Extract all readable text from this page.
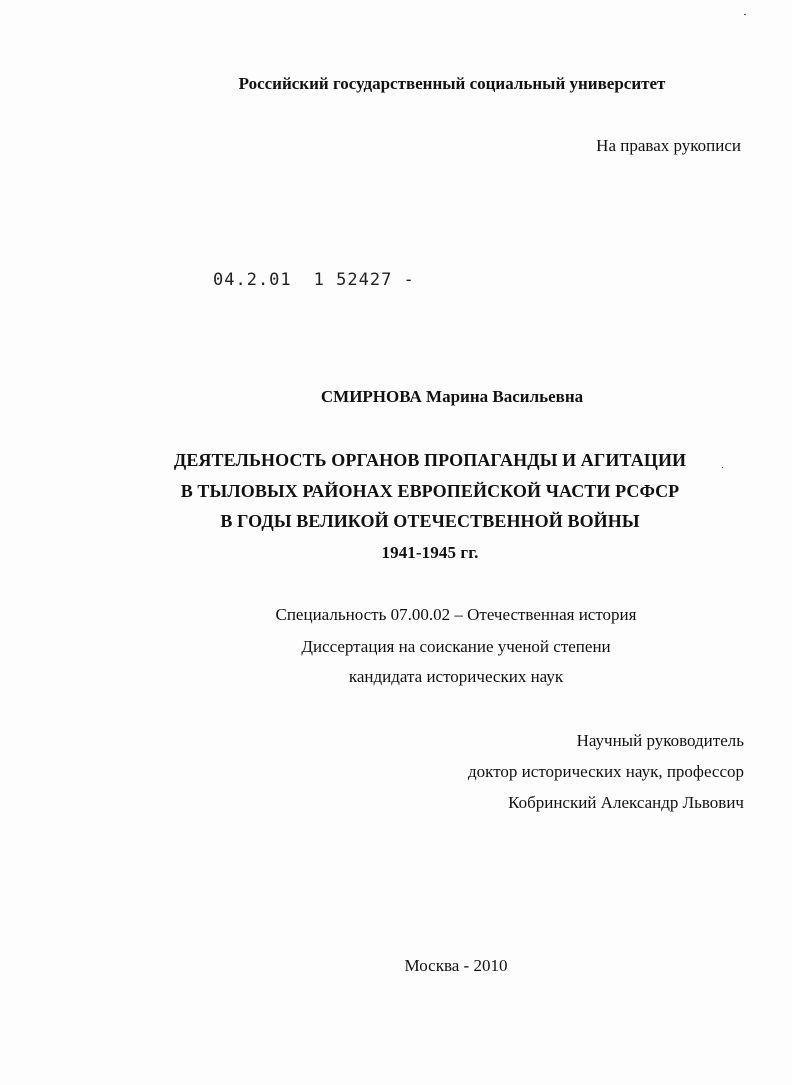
Российский государственный социальный университет
На правах рукописи
04.2.01 1 52427 -
СМИРНОВА Марина Васильевна
ДЕЯТЕЛЬНОСТЬ ОРГАНОВ ПРОПАГАНДЫ И АГИТАЦИИ
В ТЫЛОВЫХ РАЙОНАХ ЕВРОПЕЙСКОЙ ЧАСТИ РСФСР
В ГОДЫ ВЕЛИКОЙ ОТЕЧЕСТВЕННОЙ ВОЙНЫ
1941-1945 гг.
Специальность 07.00.02 – Отечественная история
Диссертация на соискание ученой степени
кандидата исторических наук
Научный руководитель
доктор исторических наук, профессор
Кобринский Александр Львович
Москва - 2010
